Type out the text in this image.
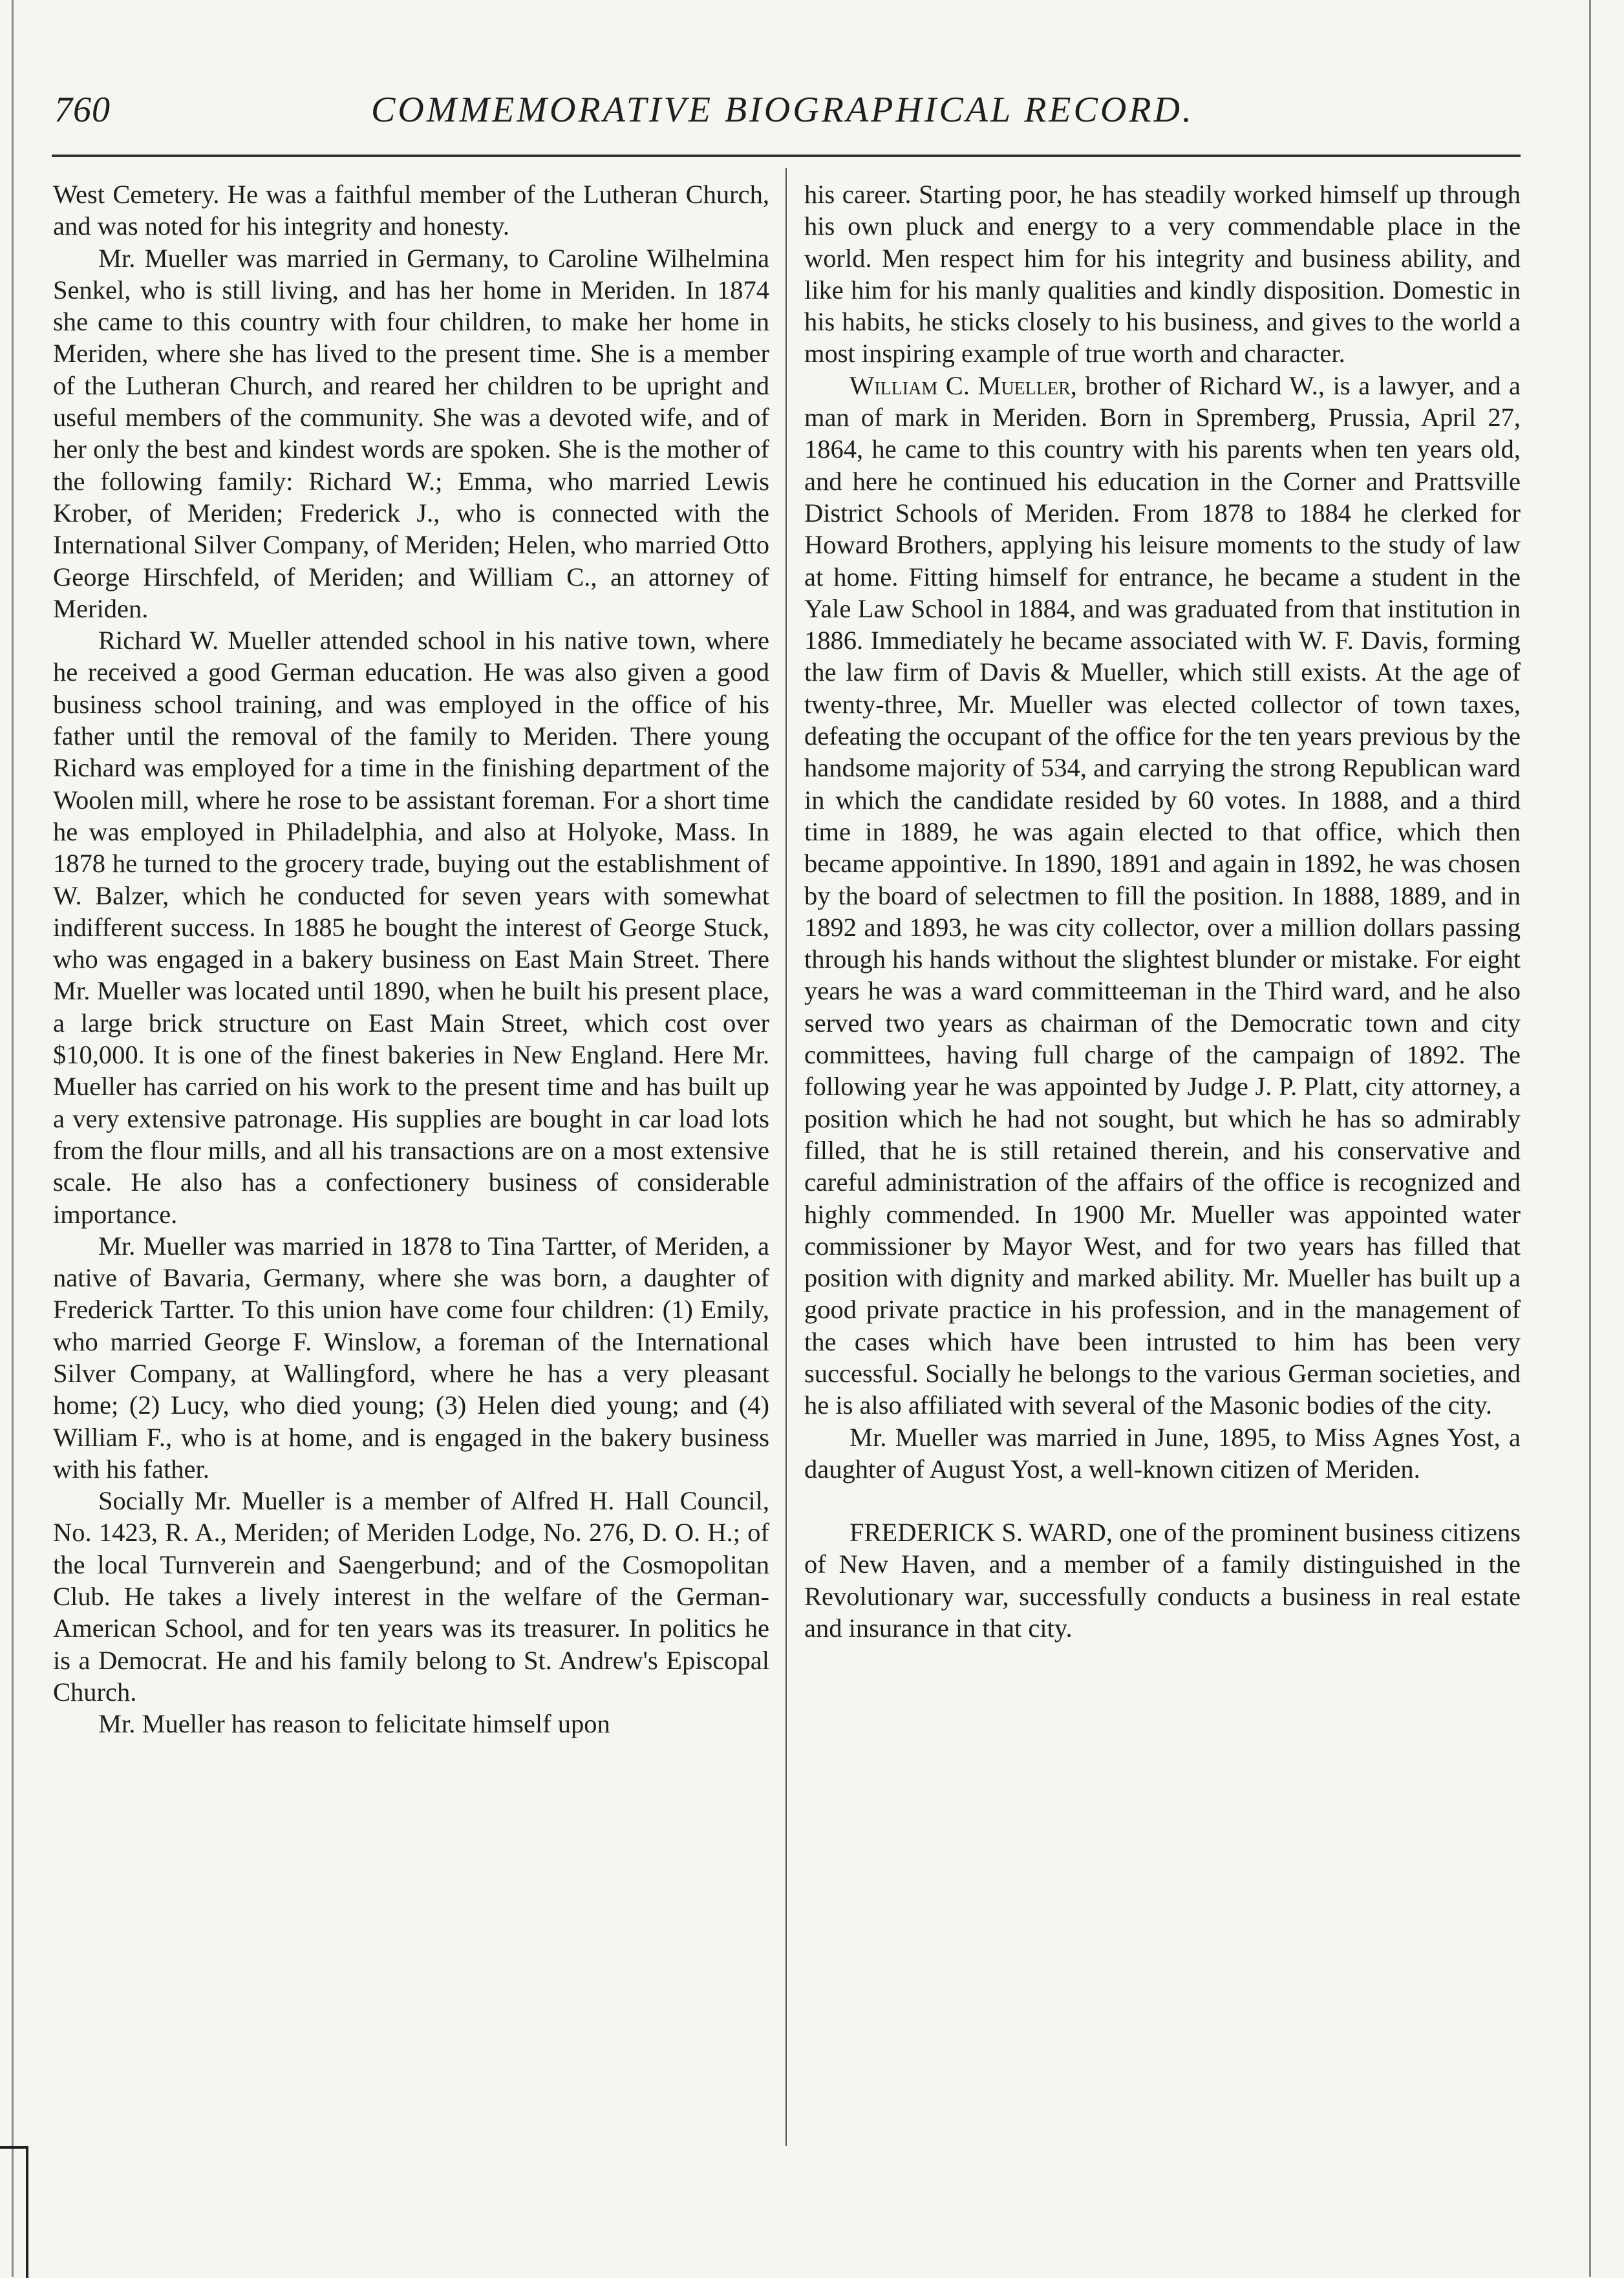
760	COMMEMORATIVE BIOGRAPHICAL RECORD.

West Cemetery. He was a faithful member of the Lutheran Church, and was noted for his integrity and honesty.

Mr. Mueller was married in Germany, to Caroline Wilhelmina Senkel, who is still living, and has her home in Meriden. In 1874 she came to this country with four children, to make her home in Meriden, where she has lived to the present time. She is a member of the Lutheran Church, and reared her children to be upright and useful members of the community. She was a devoted wife, and of her only the best and kindest words are spoken. She is the mother of the following family: Richard W.; Emma, who married Lewis Krober, of Meriden; Frederick J., who is connected with the International Silver Company, of Meriden; Helen, who married Otto George Hirschfeld, of Meriden; and William C., an attorney of Meriden.

Richard W. Mueller attended school in his native town, where he received a good German education. He was also given a good business school training, and was employed in the office of his father until the removal of the family to Meriden. There young Richard was employed for a time in the finishing department of the Woolen mill, where he rose to be assistant foreman. For a short time he was employed in Philadelphia, and also at Holyoke, Mass. In 1878 he turned to the grocery trade, buying out the establishment of W. Balzer, which he conducted for seven years with somewhat indifferent success. In 1885 he bought the interest of George Stuck, who was engaged in a bakery business on East Main Street. There Mr. Mueller was located until 1890, when he built his present place, a large brick structure on East Main Street, which cost over $10,000. It is one of the finest bakeries in New England. Here Mr. Mueller has carried on his work to the present time and has built up a very extensive patronage. His supplies are bought in car load lots from the flour mills, and all his transactions are on a most extensive scale. He also has a confectionery business of considerable importance.

Mr. Mueller was married in 1878 to Tina Tartter, of Meriden, a native of Bavaria, Germany, where she was born, a daughter of Frederick Tartter. To this union have come four children: (1) Emily, who married George F. Winslow, a foreman of the International Silver Company, at Wallingford, where he has a very pleasant home; (2) Lucy, who died young; (3) Helen died young; and (4) William F., who is at home, and is engaged in the bakery business with his father.

Socially Mr. Mueller is a member of Alfred H. Hall Council, No. 1423, R. A., Meriden; of Meriden Lodge, No. 276, D. O. H.; of the local Turnverein and Saengerbund; and of the Cosmopolitan Club. He takes a lively interest in the welfare of the German-American School, and for ten years was its treasurer. In politics he is a Democrat. He and his family belong to St. Andrew's Episcopal Church.

Mr. Mueller has reason to felicitate himself upon

his career. Starting poor, he has steadily worked himself up through his own pluck and energy to a very commendable place in the world. Men respect him for his integrity and business ability, and like him for his manly qualities and kindly disposition. Domestic in his habits, he sticks closely to his business, and gives to the world a most inspiring example of true worth and character.

William C. Mueller, brother of Richard W., is a lawyer, and a man of mark in Meriden. Born in Spremberg, Prussia, April 27, 1864, he came to this country with his parents when ten years old, and here he continued his education in the Corner and Prattsville District Schools of Meriden. From 1878 to 1884 he clerked for Howard Brothers, applying his leisure moments to the study of law at home. Fitting himself for entrance, he became a student in the Yale Law School in 1884, and was graduated from that institution in 1886. Immediately he became associated with W. F. Davis, forming the law firm of Davis & Mueller, which still exists. At the age of twenty-three, Mr. Mueller was elected collector of town taxes, defeating the occupant of the office for the ten years previous by the handsome majority of 534, and carrying the strong Republican ward in which the candidate resided by 60 votes. In 1888, and a third time in 1889, he was again elected to that office, which then became appointive. In 1890, 1891 and again in 1892, he was chosen by the board of selectmen to fill the position. In 1888, 1889, and in 1892 and 1893, he was city collector, over a million dollars passing through his hands without the slightest blunder or mistake. For eight years he was a ward committeeman in the Third ward, and he also served two years as chairman of the Democratic town and city committees, having full charge of the campaign of 1892. The following year he was appointed by Judge J. P. Platt, city attorney, a position which he had not sought, but which he has so admirably filled, that he is still retained therein, and his conservative and careful administration of the affairs of the office is recognized and highly commended. In 1900 Mr. Mueller was appointed water commissioner by Mayor West, and for two years has filled that position with dignity and marked ability. Mr. Mueller has built up a good private practice in his profession, and in the management of the cases which have been intrusted to him has been very successful. Socially he belongs to the various German societies, and he is also affiliated with several of the Masonic bodies of the city.

Mr. Mueller was married in June, 1895, to Miss Agnes Yost, a daughter of August Yost, a well-known citizen of Meriden.

FREDERICK S. WARD, one of the prominent business citizens of New Haven, and a member of a family distinguished in the Revolutionary war, successfully conducts a business in real estate and insurance in that city.
